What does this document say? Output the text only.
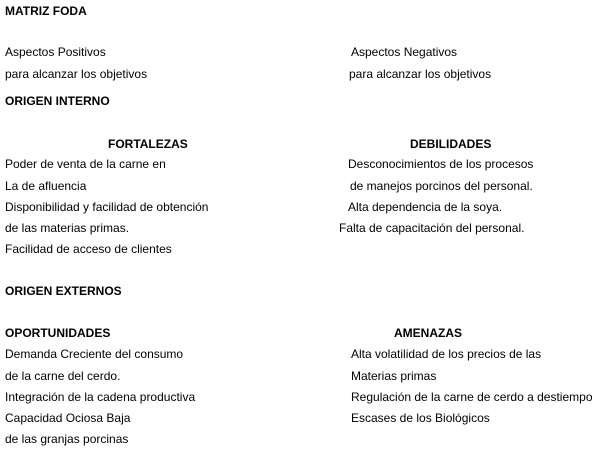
MATRIZ FODA
Aspectos Positivos
para alcanzar los objetivos
Aspectos Negativos
para alcanzar los objetivos
ORIGEN INTERNO
FORTALEZAS	DEBILIDADES
Poder de venta de la carne en
La de afluencia
Disponibilidad y facilidad de obtención
de las materias primas.
Facilidad de acceso de clientes
Desconocimientos de los procesos
de manejos porcinos del personal.
Alta dependencia de la soya.
Falta de capacitación del personal.
ORIGEN EXTERNOS
OPORTUNIDADES	AMENAZAS
Demanda Creciente del consumo
de la carne del cerdo.
Integración de la cadena productiva
Capacidad Ociosa Baja
de las granjas porcinas
Alta volatilidad de los precios de las
Materias primas
Regulación de la carne de cerdo a destiempo
Escases de los Biológicos
